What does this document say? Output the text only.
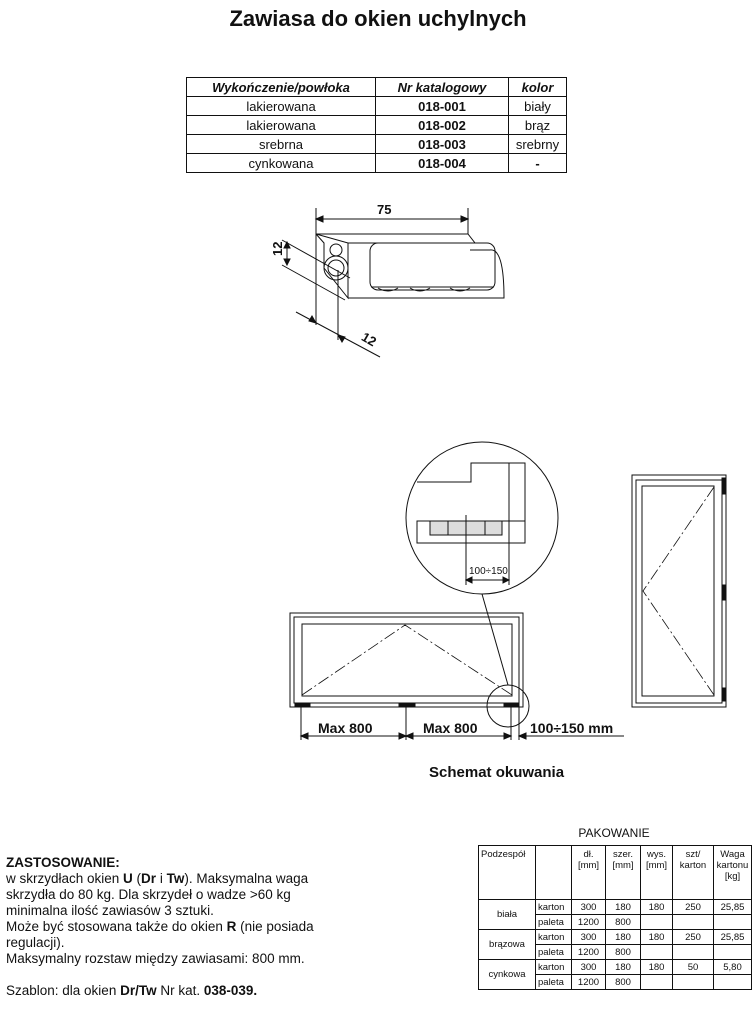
Zawiasa do okien uchylnych
Wykończenie/powłoka	Nr katalogowy	kolor
lakierowana	018-001	biały
lakierowana	018-002	brąz
srebrna	018-003	srebrny
cynkowana	018-004	-
75
12
12
100÷150
Max 800	Max 800	100÷150 mm
Schemat okuwania
ZASTOSOWANIE:
w skrzydłach okien U (Dr i Tw). Maksymalna waga
skrzydła do 80 kg. Dla skrzydeł o wadze >60 kg
minimalna ilość zawiasów 3 sztuki.
Może być stosowana także do okien R (nie posiada
regulacji).
Maksymalny rozstaw między zawiasami: 800 mm.
Szablon: dla okien Dr/Tw Nr kat. 038-039.
PAKOWANIE
Podzespół		dł. [mm]	szer. [mm]	wys. [mm]	szt/ karton	Waga kartonu [kg]
biała	karton	300	180	180	250	25,85
	paleta	1200	800			
brązowa	karton	300	180	180	250	25,85
	paleta	1200	800			
cynkowa	karton	300	180	180	50	5,80
	paleta	1200	800			
